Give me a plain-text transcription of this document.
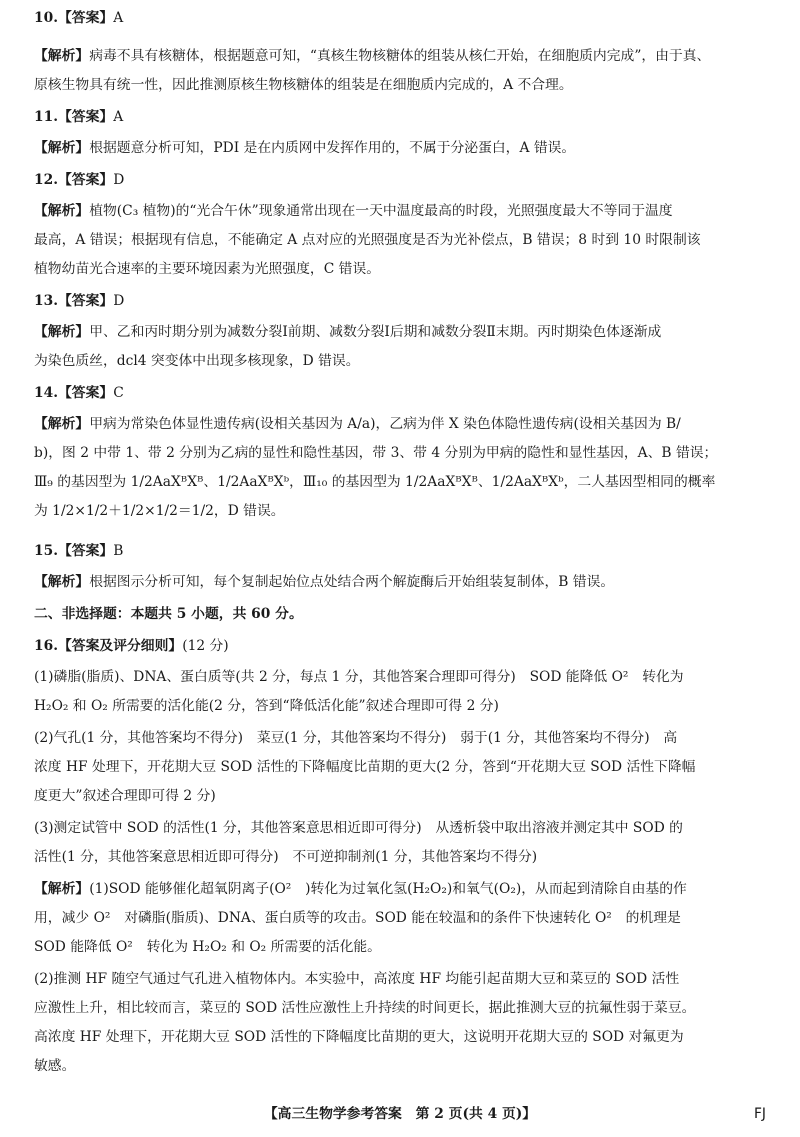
10.【答案】A
【解析】病毒不具有核糖体，根据题意可知，“真核生物核糖体的组装从核仁开始，在细胞质内完成”，由于真、
原核生物具有统一性，因此推测原核生物核糖体的组装是在细胞质内完成的，A 不合理。
11.【答案】A
【解析】根据题意分析可知，PDI 是在内质网中发挥作用的，不属于分泌蛋白，A 错误。
12.【答案】D
【解析】植物(C₃ 植物)的“光合午休”现象通常出现在一天中温度最高的时段，光照强度最大不等同于温度
最高，A 错误；根据现有信息，不能确定 A 点对应的光照强度是否为光补偿点，B 错误；8 时到 10 时限制该
植物幼苗光合速率的主要环境因素为光照强度，C 错误。
13.【答案】D
【解析】甲、乙和丙时期分别为减数分裂Ⅰ前期、减数分裂Ⅰ后期和减数分裂Ⅱ末期。丙时期染色体逐渐成
为染色质丝，dcl4 突变体中出现多核现象，D 错误。
14.【答案】C
【解析】甲病为常染色体显性遗传病(设相关基因为 A/a)，乙病为伴 X 染色体隐性遗传病(设相关基因为 B/
b)，图 2 中带 1、带 2 分别为乙病的显性和隐性基因，带 3、带 4 分别为甲病的隐性和显性基因，A、B 错误；
Ⅲ₉ 的基因型为 1/2AaXᴮXᴮ、1/2AaXᴮXᵇ，Ⅲ₁₀ 的基因型为 1/2AaXᴮXᴮ、1/2AaXᴮXᵇ，二人基因型相同的概率
为 1/2×1/2＋1/2×1/2＝1/2，D 错误。
15.【答案】B
【解析】根据图示分析可知，每个复制起始位点处结合两个解旋酶后开始组装复制体，B 错误。
二、非选择题：本题共 5 小题，共 60 分。
16.【答案及评分细则】(12 分)
(1)磷脂(脂质)、DNA、蛋白质等(共 2 分，每点 1 分，其他答案合理即可得分)　SOD 能降低 O²　转化为
H₂O₂ 和 O₂ 所需要的活化能(2 分，答到“降低活化能”叙述合理即可得 2 分)
(2)气孔(1 分，其他答案均不得分)　菜豆(1 分，其他答案均不得分)　弱于(1 分，其他答案均不得分)　高
浓度 HF 处理下，开花期大豆 SOD 活性的下降幅度比苗期的更大(2 分，答到“开花期大豆 SOD 活性下降幅
度更大”叙述合理即可得 2 分)
(3)测定试管中 SOD 的活性(1 分，其他答案意思相近即可得分)　从透析袋中取出溶液并测定其中 SOD 的
活性(1 分，其他答案意思相近即可得分)　不可逆抑制剂(1 分，其他答案均不得分)
【解析】(1)SOD 能够催化超氧阴离子(O²　)转化为过氧化氢(H₂O₂)和氧气(O₂)，从而起到清除自由基的作
用，减少 O²　对磷脂(脂质)、DNA、蛋白质等的攻击。SOD 能在较温和的条件下快速转化 O²　的机理是
SOD 能降低 O²　转化为 H₂O₂ 和 O₂ 所需要的活化能。
(2)推测 HF 随空气通过气孔进入植物体内。本实验中，高浓度 HF 均能引起苗期大豆和菜豆的 SOD 活性
应激性上升，相比较而言，菜豆的 SOD 活性应激性上升持续的时间更长，据此推测大豆的抗氟性弱于菜豆。
高浓度 HF 处理下，开花期大豆 SOD 活性的下降幅度比苗期的更大，这说明开花期大豆的 SOD 对氟更为
敏感。
【高三生物学参考答案　第 2 页(共 4 页)】	FJ
